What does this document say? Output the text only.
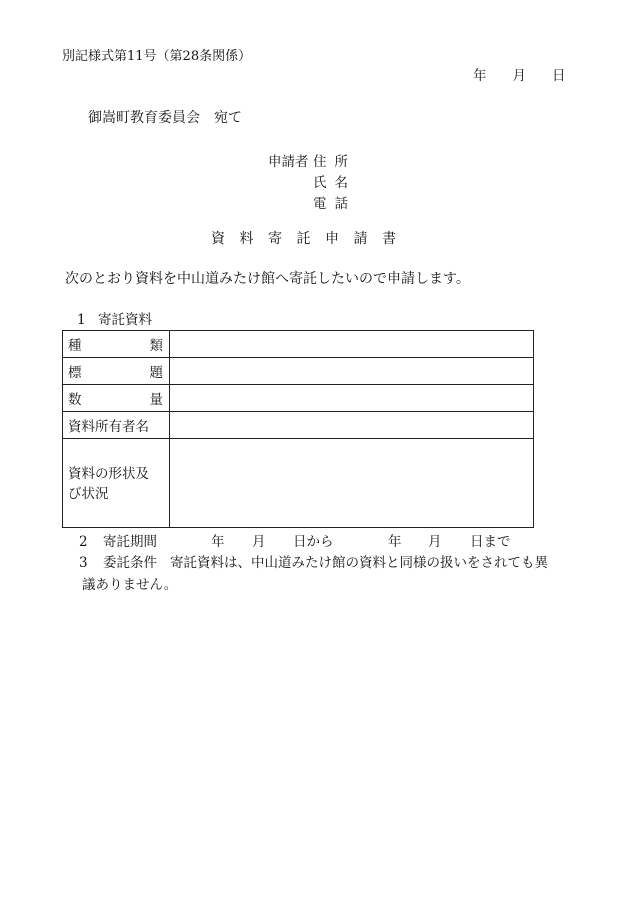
別記様式第11号（第28条関係）
年 月 日
御嵩町教育委員会　宛て
申請者 住所
氏名
電話
資料寄託申請書
次のとおり資料を中山道みたけ館へ寄託したいので申請します。
1 寄託資料
種 類	

標 題	

数 量	

資料所有者名	

資料の形状及
び状況	

2 寄託期間	年 月 日から	年 月 日まで
3 委託条件 寄託資料は、中山道みたけ館の資料と同様の扱いをされても異
議ありません。
